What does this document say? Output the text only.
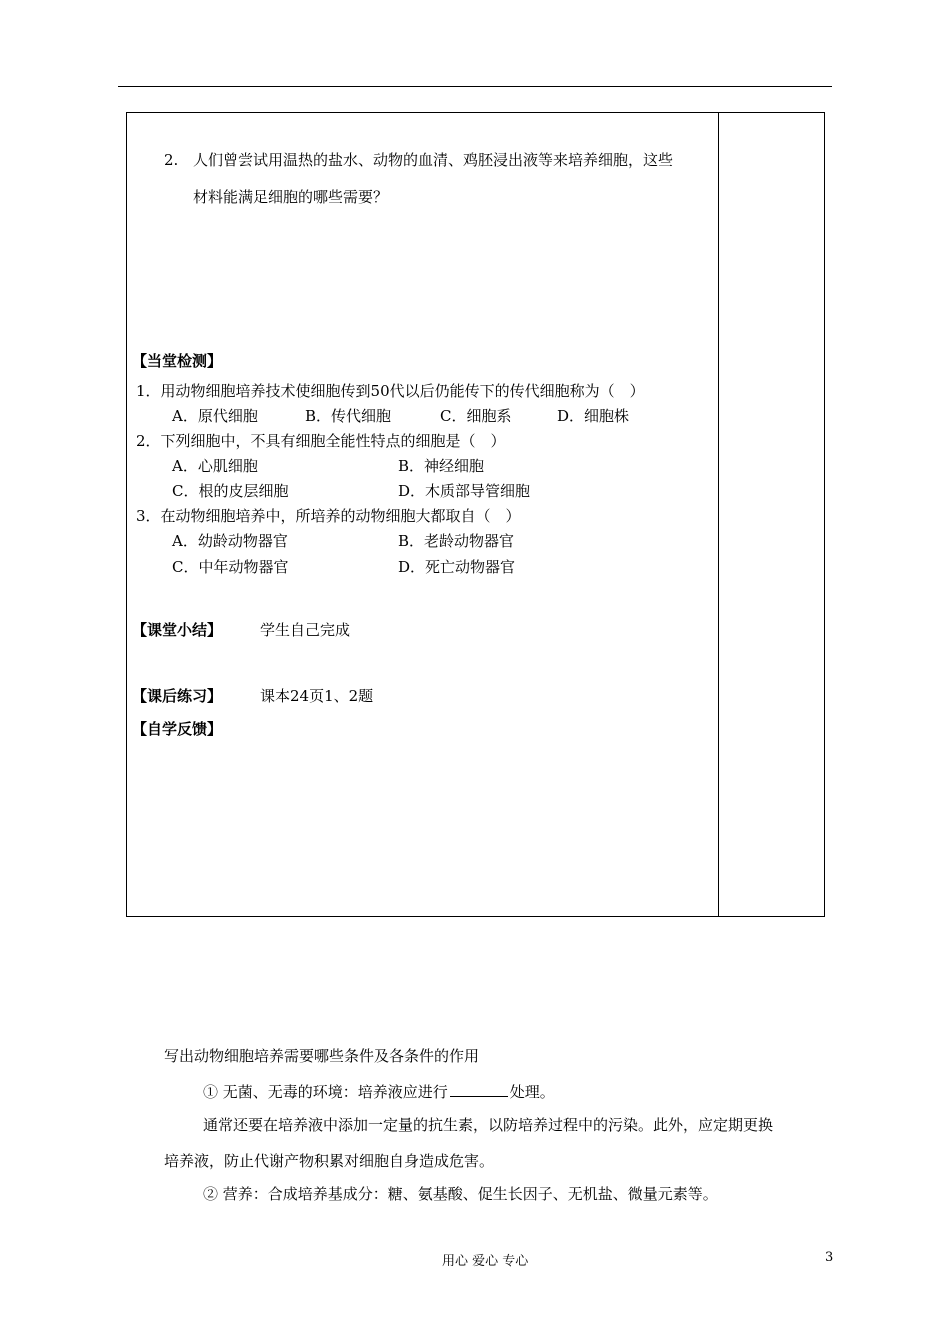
2. 人们曾尝试用温热的盐水、动物的血清、鸡胚浸出液等来培养细胞，这些
材料能满足细胞的哪些需要？
【当堂检测】
1．用动物细胞培养技术使细胞传到50代以后仍能传下的传代细胞称为（　）
A．原代细胞	B．传代细胞	C．细胞系	D．细胞株
2．下列细胞中，不具有细胞全能性特点的细胞是（　）
A．心肌细胞	B．神经细胞
C．根的皮层细胞	D．木质部导管细胞
3．在动物细胞培养中，所培养的动物细胞大都取自（　）
A．幼龄动物器官	B．老龄动物器官
C．中年动物器官	D．死亡动物器官
【课堂小结】	学生自己完成
【课后练习】	课本24页1、2题
【自学反馈】
写出动物细胞培养需要哪些条件及各条件的作用
① 无菌、无毒的环境：培养液应进行	处理。
通常还要在培养液中添加一定量的抗生素，以防培养过程中的污染。此外，应定期更换
培养液，防止代谢产物积累对细胞自身造成危害。
② 营养：合成培养基成分：糖、氨基酸、促生长因子、无机盐、微量元素等。
用心 爱心 专心	3
